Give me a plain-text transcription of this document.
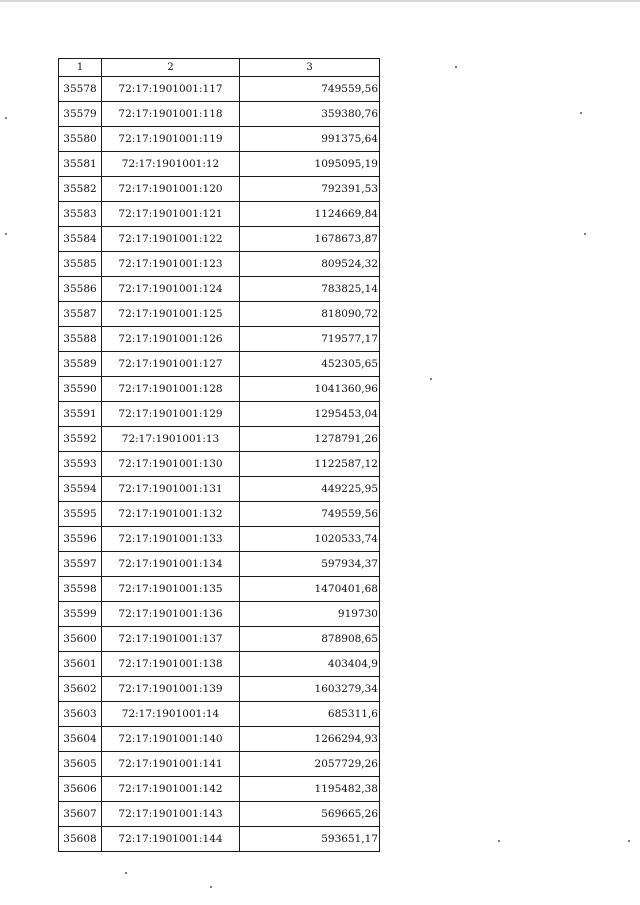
1	2	3
35578	72:17:1901001:117	749559,56
35579	72:17:1901001:118	359380,76
35580	72:17:1901001:119	991375,64
35581	72:17:1901001:12	1095095,19
35582	72:17:1901001:120	792391,53
35583	72:17:1901001:121	1124669,84
35584	72:17:1901001:122	1678673,87
35585	72:17:1901001:123	809524,32
35586	72:17:1901001:124	783825,14
35587	72:17:1901001:125	818090,72
35588	72:17:1901001:126	719577,17
35589	72:17:1901001:127	452305,65
35590	72:17:1901001:128	1041360,96
35591	72:17:1901001:129	1295453,04
35592	72:17:1901001:13	1278791,26
35593	72:17:1901001:130	1122587,12
35594	72:17:1901001:131	449225,95
35595	72:17:1901001:132	749559,56
35596	72:17:1901001:133	1020533,74
35597	72:17:1901001:134	597934,37
35598	72:17:1901001:135	1470401,68
35599	72:17:1901001:136	919730
35600	72:17:1901001:137	878908,65
35601	72:17:1901001:138	403404,9
35602	72:17:1901001:139	1603279,34
35603	72:17:1901001:14	685311,6
35604	72:17:1901001:140	1266294,93
35605	72:17:1901001:141	2057729,26
35606	72:17:1901001:142	1195482,38
35607	72:17:1901001:143	569665,26
35608	72:17:1901001:144	593651,17
